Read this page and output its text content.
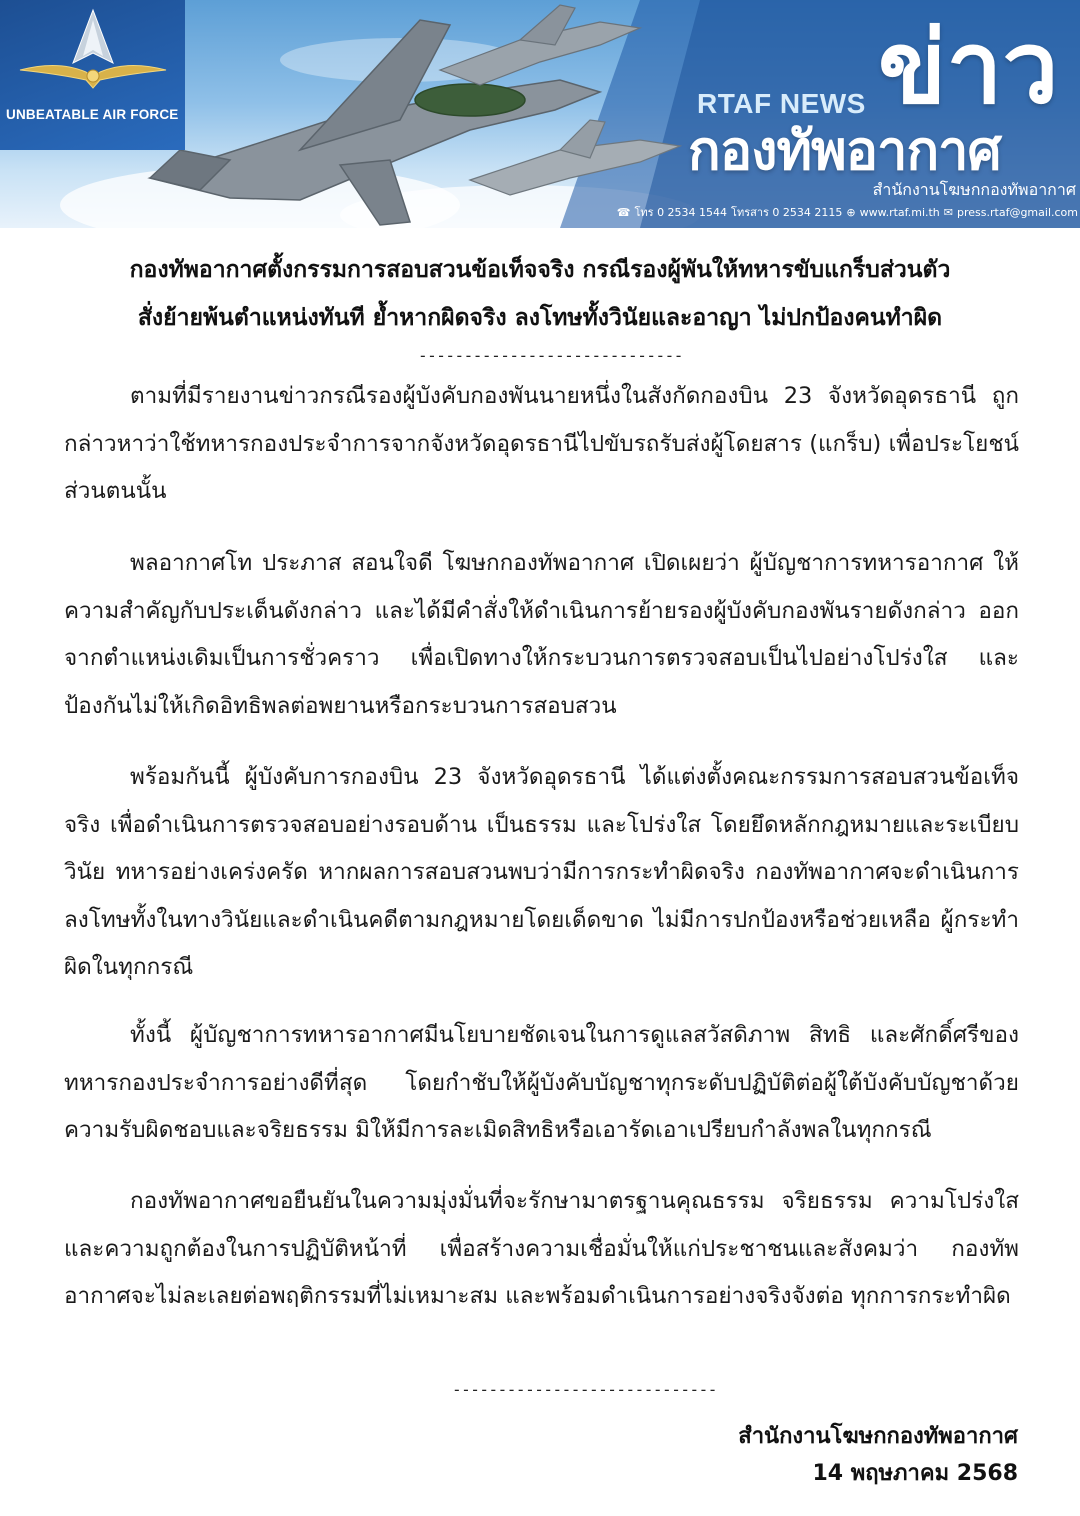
UNBEATABLE AIR FORCE	RTAF NEWS ข่าว
กองทัพอากาศ
สำนักงานโฆษกกองทัพอากาศ
☎ โทร 0 2534 1544 โทรสาร 0 2534 2115 ⊕ www.rtaf.mi.th ✉ press.rtaf@gmail.com
กองทัพอากาศตั้งกรรมการสอบสวนข้อเท็จจริง กรณีรองผู้พันให้ทหารขับแกร็บส่วนตัว
สั่งย้ายพ้นตำแหน่งทันที ย้ำหากผิดจริง ลงโทษทั้งวินัยและอาญา ไม่ปกป้องคนทำผิด
-----------------------------

ตามที่มีรายงานข่าวกรณีรองผู้บังคับกองพันนายหนึ่งในสังกัดกองบิน 23 จังหวัดอุดรธานี ถูกกล่าวหาว่าใช้ทหารกองประจำการจากจังหวัดอุดรธานีไปขับรถรับส่งผู้โดยสาร (แกร็บ) เพื่อประโยชน์ส่วนตนนั้น

พลอากาศโท ประภาส สอนใจดี โฆษกกองทัพอากาศ เปิดเผยว่า ผู้บัญชาการทหารอากาศ ให้ความสำคัญกับประเด็นดังกล่าว และได้มีคำสั่งให้ดำเนินการย้ายรองผู้บังคับกองพันรายดังกล่าว ออกจากตำแหน่งเดิมเป็นการชั่วคราว เพื่อเปิดทางให้กระบวนการตรวจสอบเป็นไปอย่างโปร่งใส และป้องกันไม่ให้เกิดอิทธิพลต่อพยานหรือกระบวนการสอบสวน

พร้อมกันนี้ ผู้บังคับการกองบิน 23 จังหวัดอุดรธานี ได้แต่งตั้งคณะกรรมการสอบสวนข้อเท็จจริง เพื่อดำเนินการตรวจสอบอย่างรอบด้าน เป็นธรรม และโปร่งใส โดยยึดหลักกฎหมายและระเบียบวินัย ทหารอย่างเคร่งครัด หากผลการสอบสวนพบว่ามีการกระทำผิดจริง กองทัพอากาศจะดำเนินการ ลงโทษทั้งในทางวินัยและดำเนินคดีตามกฎหมายโดยเด็ดขาด ไม่มีการปกป้องหรือช่วยเหลือ ผู้กระทำผิดในทุกกรณี

ทั้งนี้ ผู้บัญชาการทหารอากาศมีนโยบายชัดเจนในการดูแลสวัสดิภาพ สิทธิ และศักดิ์ศรีของ ทหารกองประจำการอย่างดีที่สุด โดยกำชับให้ผู้บังคับบัญชาทุกระดับปฏิบัติต่อผู้ใต้บังคับบัญชาด้วย ความรับผิดชอบและจริยธรรม มิให้มีการละเมิดสิทธิหรือเอารัดเอาเปรียบกำลังพลในทุกกรณี

กองทัพอากาศขอยืนยันในความมุ่งมั่นที่จะรักษามาตรฐานคุณธรรม จริยธรรม ความโปร่งใส และความถูกต้องในการปฏิบัติหน้าที่ เพื่อสร้างความเชื่อมั่นให้แก่ประชาชนและสังคมว่า กองทัพอากาศจะไม่ละเลยต่อพฤติกรรมที่ไม่เหมาะสม และพร้อมดำเนินการอย่างจริงจังต่อ ทุกการกระทำผิด

-----------------------------
สำนักงานโฆษกกองทัพอากาศ
14 พฤษภาคม 2568
